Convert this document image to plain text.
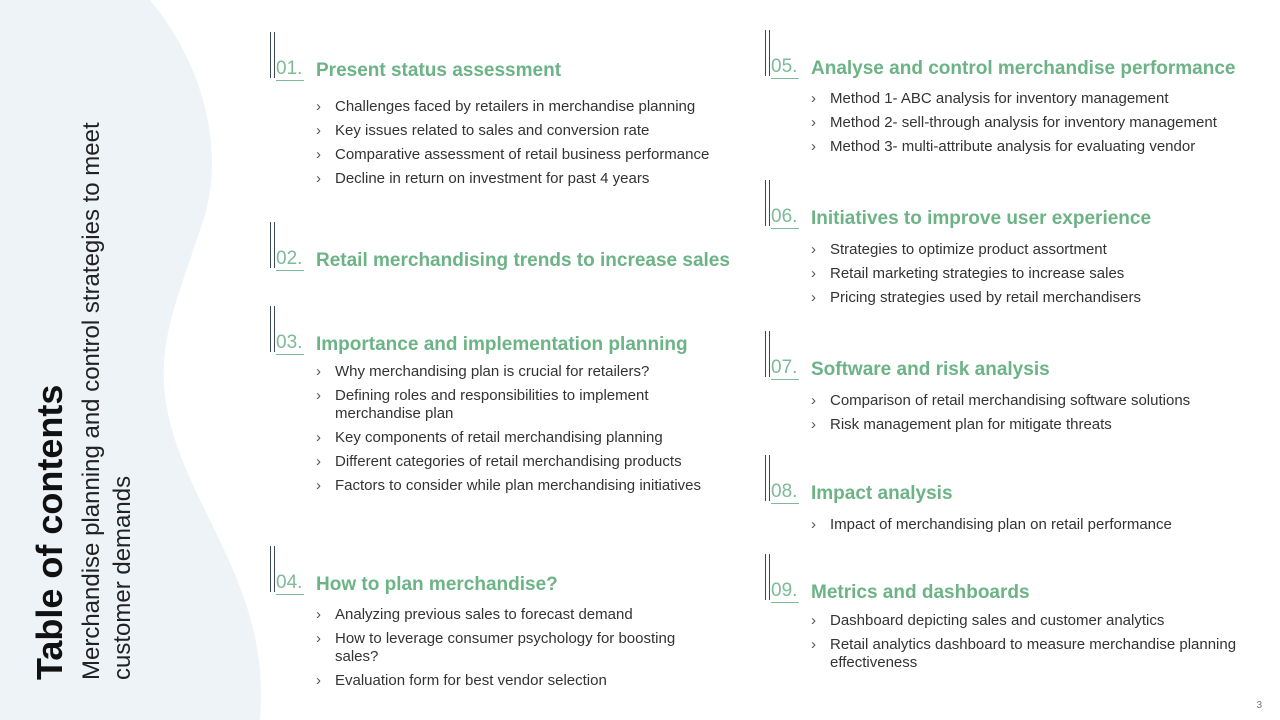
Table of contents Merchandise planning and control strategies to meet customer demands
01. Present status assessment
› Challenges faced by retailers in merchandise planning
› Key issues related to sales and conversion rate
› Comparative assessment of retail business performance
› Decline in return on investment for past 4 years
02. Retail merchandising trends to increase sales
03. Importance and implementation planning
› Why merchandising plan is crucial for retailers?
› Defining roles and responsibilities to implement merchandise plan
› Key components of retail merchandising planning
› Different categories of retail merchandising products
› Factors to consider while plan merchandising initiatives
04. How to plan merchandise?
› Analyzing previous sales to forecast demand
› How to leverage consumer psychology for boosting sales?
› Evaluation form for best vendor selection
05. Analyse and control merchandise performance
› Method 1- ABC analysis for inventory management
› Method 2- sell-through analysis for inventory management
› Method 3- multi-attribute analysis for evaluating vendor
06. Initiatives to improve user experience
› Strategies to optimize product assortment
› Retail marketing strategies to increase sales
› Pricing strategies used by retail merchandisers
07. Software and risk analysis
› Comparison of retail merchandising software solutions
› Risk management plan for mitigate threats
08. Impact analysis
› Impact of merchandising plan on retail performance
09. Metrics and dashboards
› Dashboard depicting sales and customer analytics
› Retail analytics dashboard to measure merchandise planning effectiveness
3
